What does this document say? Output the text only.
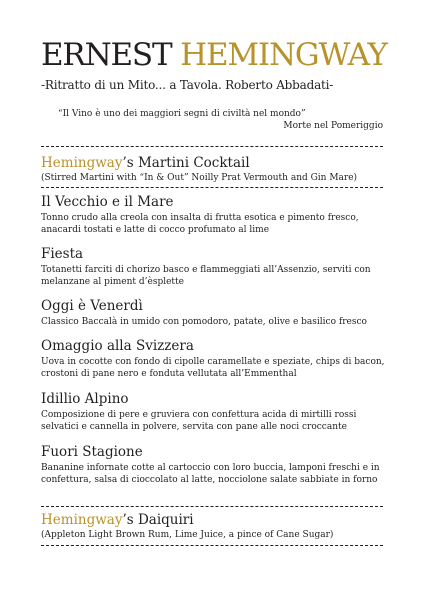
ERNEST HEMINGWAY

-Ritratto di un Mito... a Tavola. Roberto Abbadati-

“Il Vino è uno dei maggiori segni di civiltà nel mondo”
Morte nel Pomeriggio
Hemingway’s Martini Cocktail

(Stirred Martini with “In & Out” Noilly Prat Vermouth and Gin Mare)

Il Vecchio e il Mare

Tonno crudo alla creola con insalta di frutta esotica e pimento fresco, anacardi tostati e latte di cocco profumato al lime

Fiesta

Totanetti farciti di chorizo basco e flammeggiati all’Assenzio, serviti con melanzane al piment d’èsplette

Oggi è Venerdì

Classico Baccalà in umido con pomodoro, patate, olive e basilico fresco

Omaggio alla Svizzera

Uova in cocotte con fondo di cipolle caramellate e speziate, chips di bacon, crostoni di pane nero e fonduta vellutata all’Emmenthal

Idillio Alpino

Composizione di pere e gruviera con confettura acida di mirtilli rossi selvatici e cannella in polvere, servita con pane alle noci croccante

Fuori Stagione

Bananine infornate cotte al cartoccio con loro buccia, lamponi freschi e in confettura, salsa di cioccolato al latte, nocciolone salate sabbiate in forno

Hemingway’s Daiquiri

(Appleton Light Brown Rum, Lime Juice, a pince of Cane Sugar)
